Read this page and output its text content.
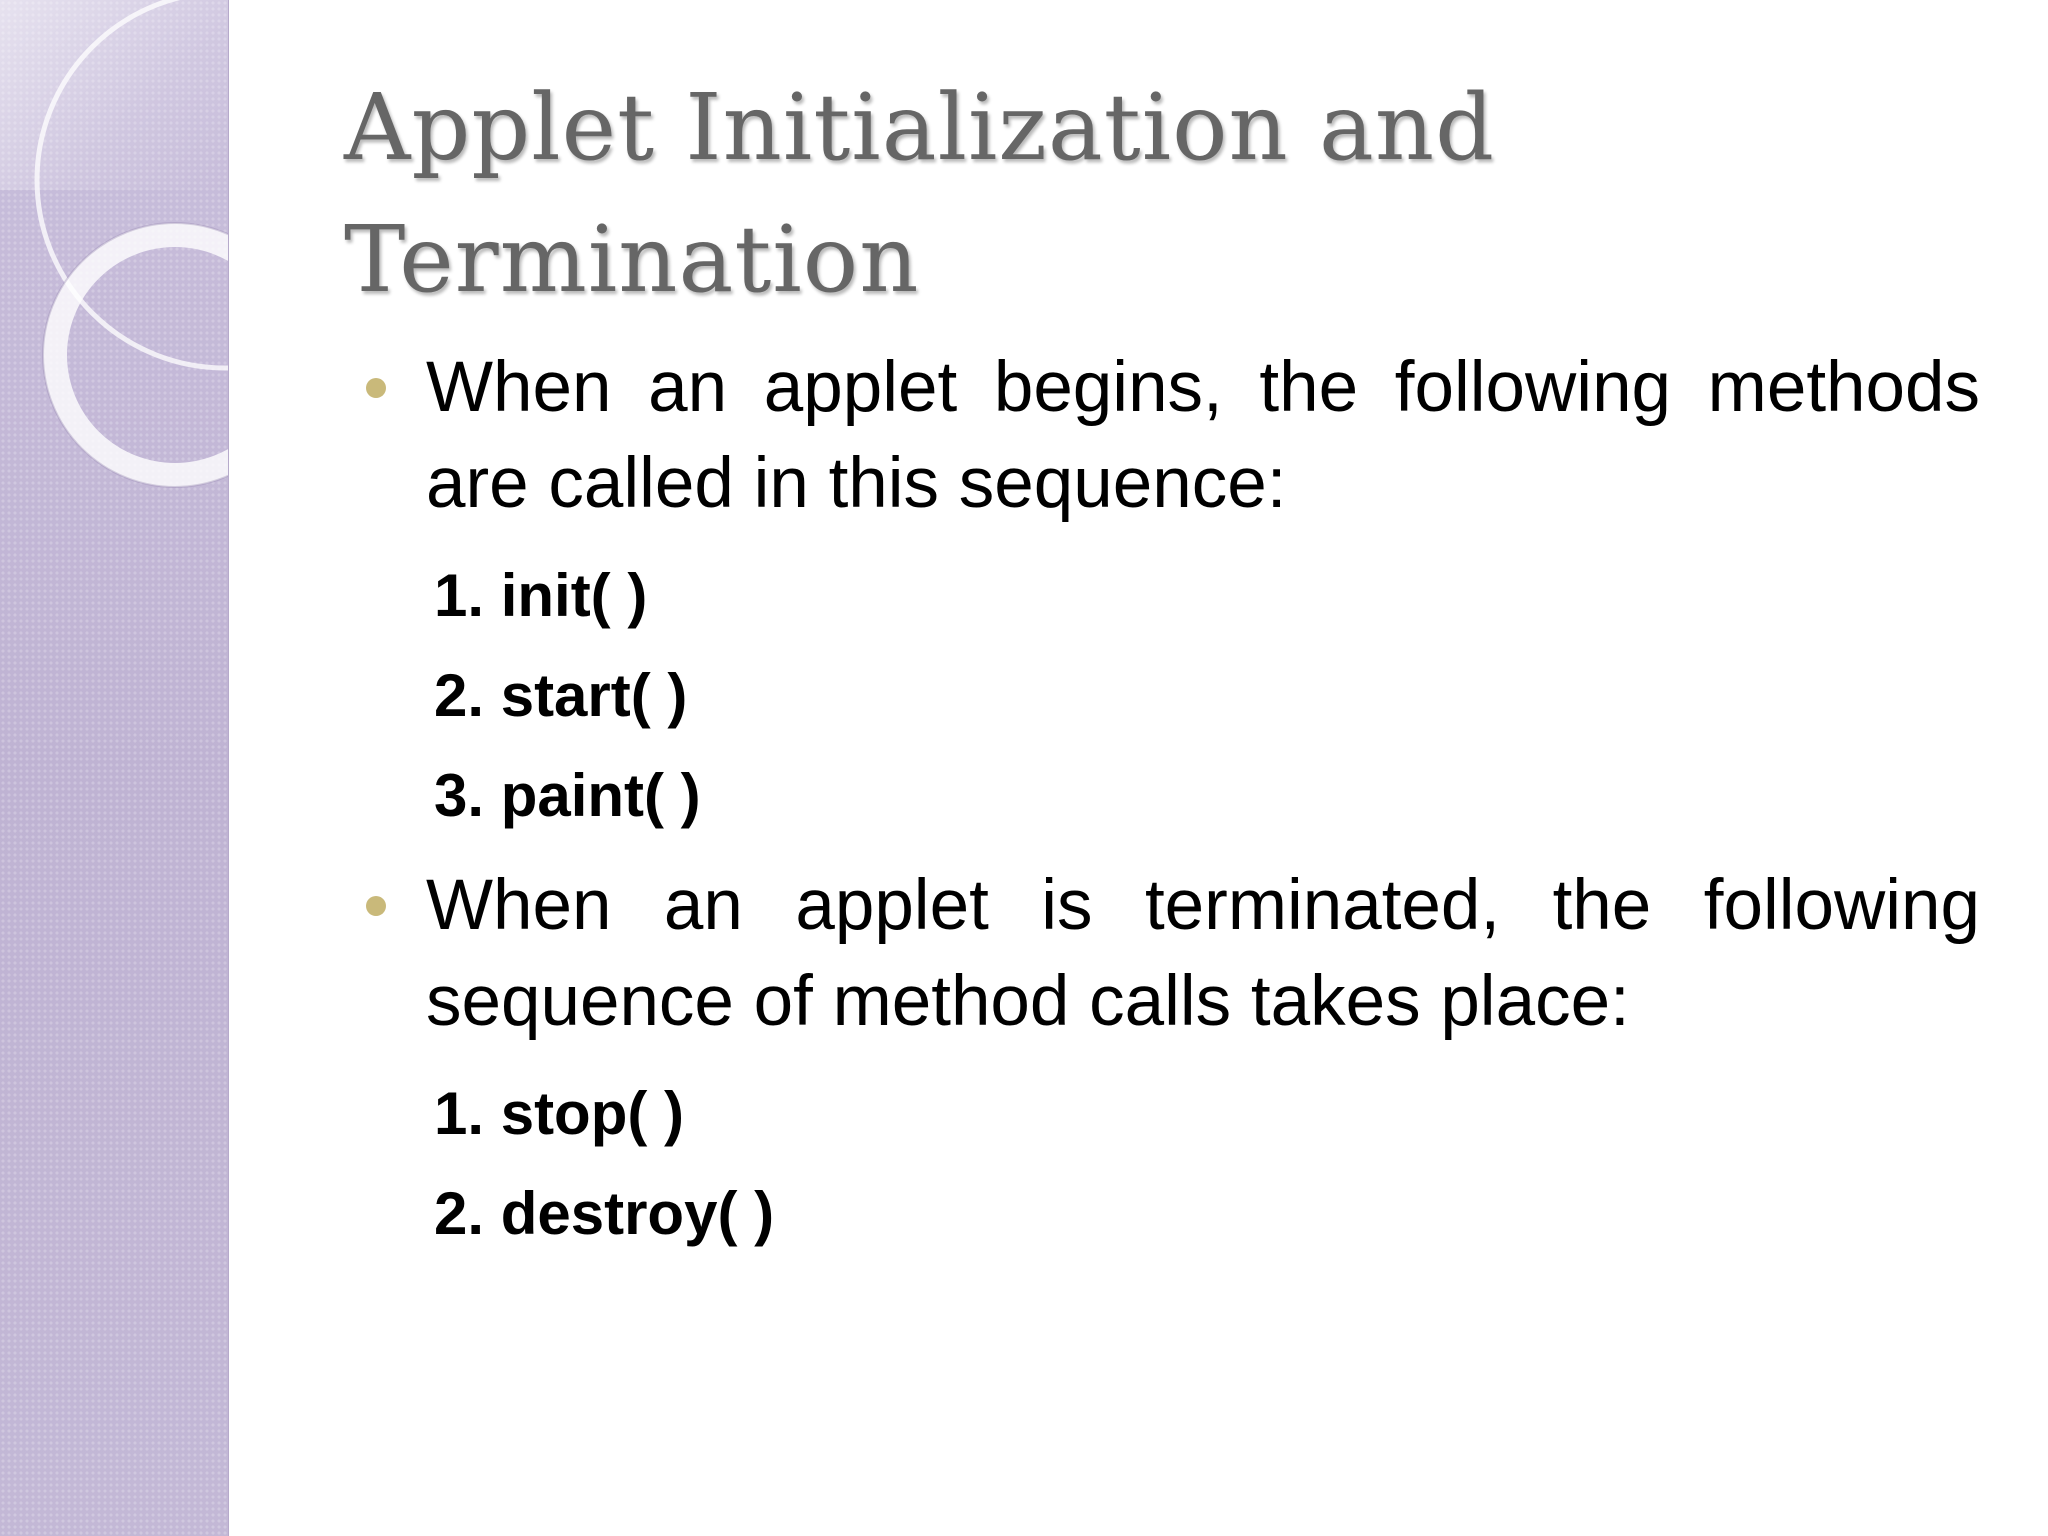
Applet Initialization and Termination
When an applet begins, the following methods are called in this sequence:
1. init( )
2. start( )
3. paint( )
When an applet is terminated, the following sequence of method calls takes place:
1. stop( )
2. destroy( )
